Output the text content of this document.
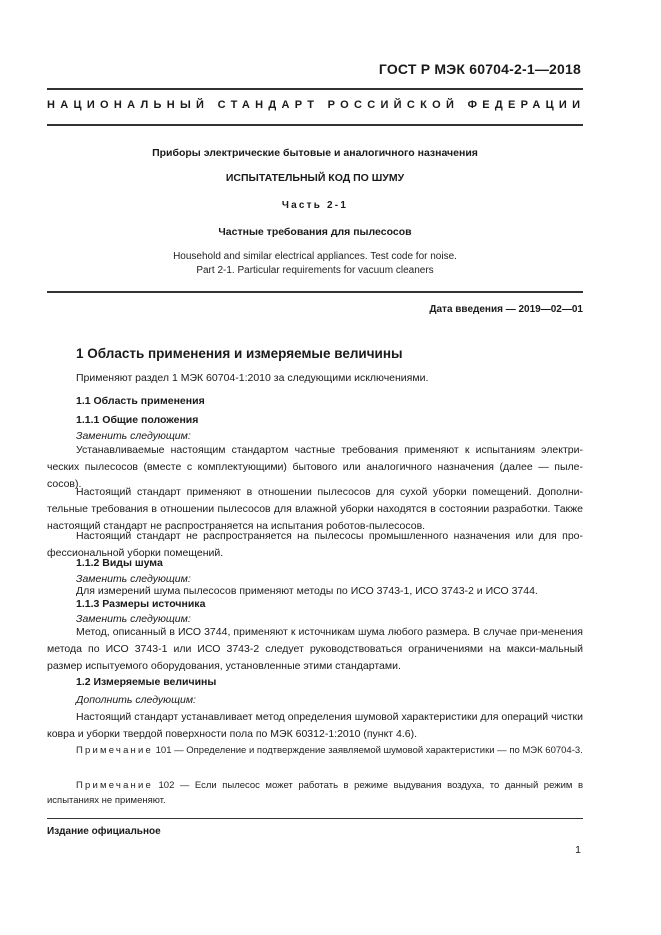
ГОСТ Р МЭК 60704-2-1—2018
НАЦИОНАЛЬНЫЙ СТАНДАРТ РОССИЙСКОЙ ФЕДЕРАЦИИ
Приборы электрические бытовые и аналогичного назначения
ИСПЫТАТЕЛЬНЫЙ КОД ПО ШУМУ
Часть 2-1
Частные требования для пылесосов
Household and similar electrical appliances. Test code for noise.
Part 2-1. Particular requirements for vacuum cleaners
Дата введения — 2019—02—01
1 Область применения и измеряемые величины
Применяют раздел 1 МЭК 60704-1:2010 за следующими исключениями.
1.1 Область применения
1.1.1 Общие положения
Заменить следующим:
Устанавливаемые настоящим стандартом частные требования применяют к испытаниям электри-ческих пылесосов (вместе с комплектующими) бытового или аналогичного назначения (далее — пыле-сосов).
Настоящий стандарт применяют в отношении пылесосов для сухой уборки помещений. Дополни-тельные требования в отношении пылесосов для влажной уборки находятся в состоянии разработки. Также настоящий стандарт не распространяется на испытания роботов-пылесосов.
Настоящий стандарт не распространяется на пылесосы промышленного назначения или для про-фессиональной уборки помещений.
1.1.2 Виды шума
Заменить следующим:
Для измерений шума пылесосов применяют методы по ИСО 3743-1, ИСО 3743-2 и ИСО 3744.
1.1.3 Размеры источника
Заменить следующим:
Метод, описанный в ИСО 3744, применяют к источникам шума любого размера. В случае при-менения метода по ИСО 3743-1 или ИСО 3743-2 следует руководствоваться ограничениями на макси-мальный размер испытуемого оборудования, установленные этими стандартами.
1.2 Измеряемые величины
Дополнить следующим:
Настоящий стандарт устанавливает метод определения шумовой характеристики для операций чистки ковра и уборки твердой поверхности пола по МЭК 60312-1:2010 (пункт 4.6).
Примечание 101 — Определение и подтверждение заявляемой шумовой характеристики — по МЭК 60704-3.
Примечание 102 — Если пылесос может работать в режиме выдувания воздуха, то данный режим в испытаниях не применяют.
Издание официальное
1
